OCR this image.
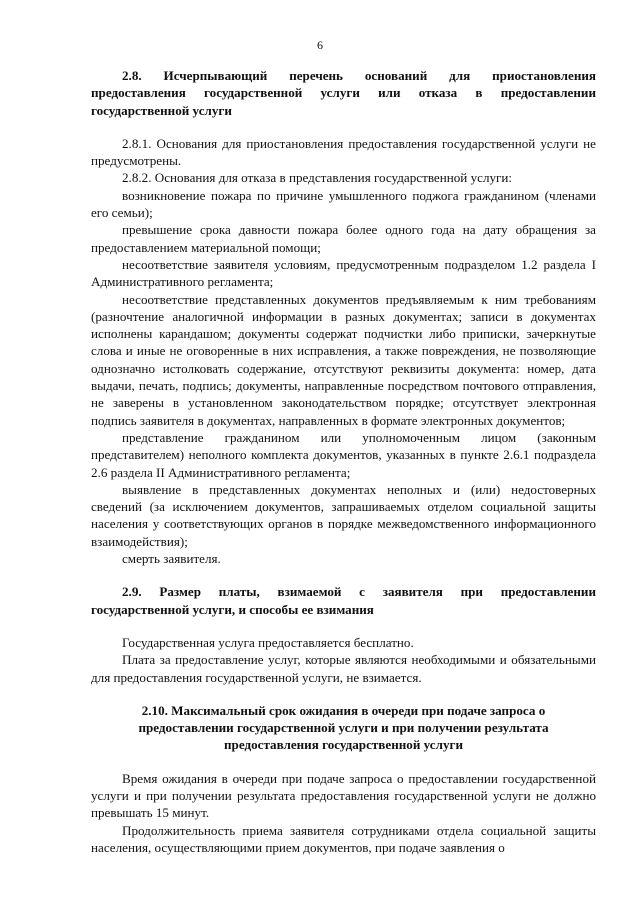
6

2.8. Исчерпывающий перечень оснований для приостановления предоставления государственной услуги или отказа в предоставлении государственной услуги

2.8.1. Основания для приостановления предоставления государственной услуги не предусмотрены.

2.8.2. Основания для отказа в представления государственной услуги:

возникновение пожара по причине умышленного поджога гражданином (членами его семьи);

превышение срока давности пожара более одного года на дату обращения за предоставлением материальной помощи;

несоответствие заявителя условиям, предусмотренным подразделом 1.2 раздела I Административного регламента;

несоответствие представленных документов предъявляемым к ним требованиям (разночтение аналогичной информации в разных документах; записи в документах исполнены карандашом; документы содержат подчистки либо приписки, зачеркнутые слова и иные не оговоренные в них исправления, а также повреждения, не позволяющие однозначно истолковать содержание, отсутствуют реквизиты документа: номер, дата выдачи, печать, подпись; документы, направленные посредством почтового отправления, не заверены в установленном законодательством порядке; отсутствует электронная подпись заявителя в документах, направленных в формате электронных документов;

представление гражданином или уполномоченным лицом (законным представителем) неполного комплекта документов, указанных в пункте 2.6.1 подраздела 2.6 раздела II Административного регламента;

выявление в представленных документах неполных и (или) недостоверных сведений (за исключением документов, запрашиваемых отделом социальной защиты населения у соответствующих органов в порядке межведомственного информационного взаимодействия);

смерть заявителя.

2.9. Размер платы, взимаемой с заявителя при предоставлении государственной услуги, и способы ее взимания

Государственная услуга предоставляется бесплатно.

Плата за предоставление услуг, которые являются необходимыми и обязательными для предоставления государственной услуги, не взимается.

2.10. Максимальный срок ожидания в очереди при подаче запроса о предоставлении государственной услуги и при получении результата предоставления государственной услуги

Время ожидания в очереди при подаче запроса о предоставлении государственной услуги и при получении результата предоставления государственной услуги не должно превышать 15 минут.

Продолжительность приема заявителя сотрудниками отдела социальной защиты населения, осуществляющими прием документов, при подаче заявления о
